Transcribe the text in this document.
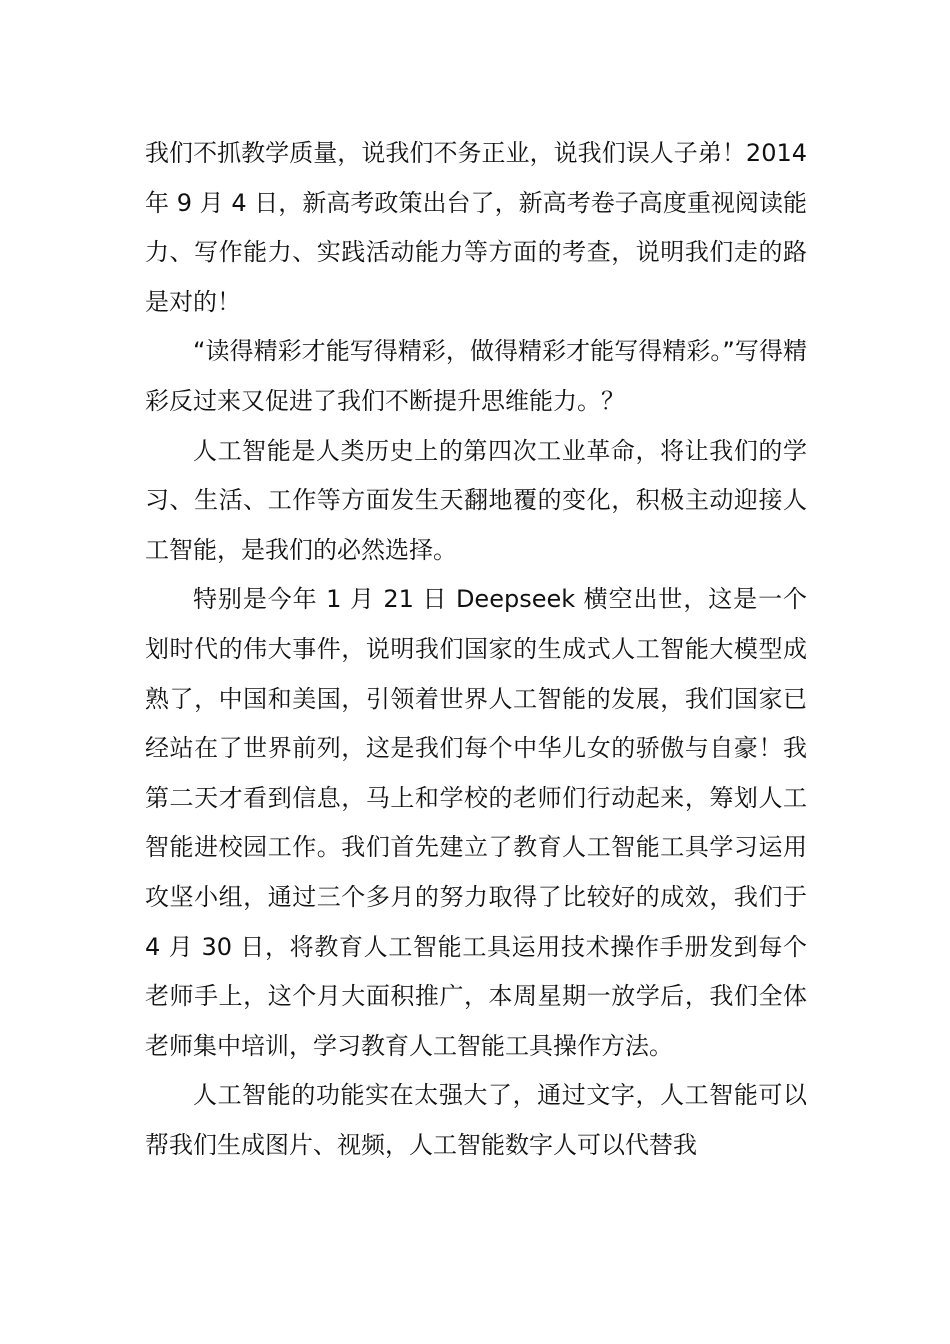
我们不抓教学质量，说我们不务正业，说我们误人子弟！2014 年 9 月 4 日，新高考政策出台了，新高考卷子高度重视阅读能力、写作能力、实践活动能力等方面的考查，说明我们走的路是对的！

“读得精彩才能写得精彩，做得精彩才能写得精彩。”写得精彩反过来又促进了我们不断提升思维能力。？

人工智能是人类历史上的第四次工业革命，将让我们的学习、生活、工作等方面发生天翻地覆的变化，积极主动迎接人工智能，是我们的必然选择。

特别是今年 1 月 21 日 Deepseek 横空出世，这是一个划时代的伟大事件，说明我们国家的生成式人工智能大模型成熟了，中国和美国，引领着世界人工智能的发展，我们国家已经站在了世界前列，这是我们每个中华儿女的骄傲与自豪！我第二天才看到信息，马上和学校的老师们行动起来，筹划人工智能进校园工作。我们首先建立了教育人工智能工具学习运用攻坚小组，通过三个多月的努力取得了比较好的成效，我们于 4 月 30 日，将教育人工智能工具运用技术操作手册发到每个老师手上，这个月大面积推广，本周星期一放学后，我们全体老师集中培训，学习教育人工智能工具操作方法。

人工智能的功能实在太强大了，通过文字，人工智能可以帮我们生成图片、视频，人工智能数字人可以代替我
